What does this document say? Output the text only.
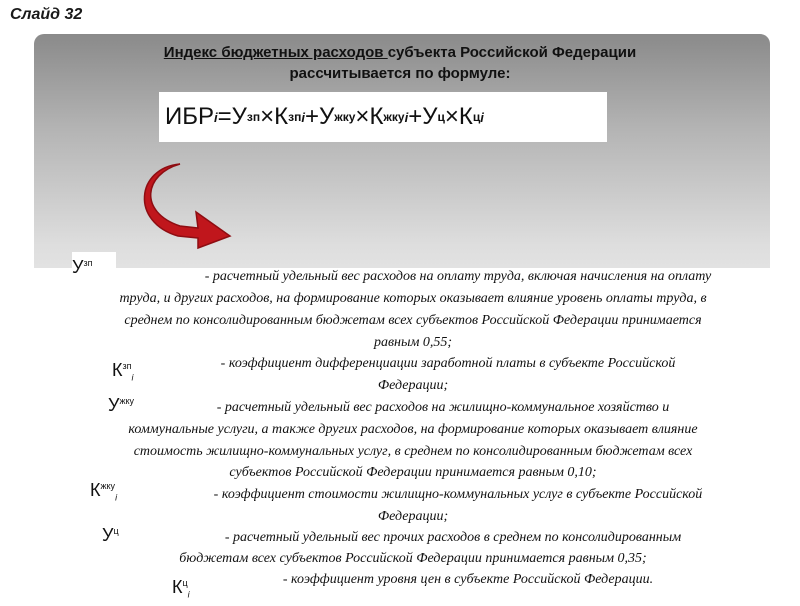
Слайд 32
Индекс бюджетных расходов субъекта Российской Федерации
рассчитывается по формуле:
ИБР i = У зп × К зп i + У жку × К жку i + У ц × К ц i
- расчетный удельный вес расходов на оплату труда, включая начисления на оплату
труда, и других расходов, на формирование которых оказывает влияние уровень оплаты труда, в
среднем по консолидированным бюджетам всех субъектов Российской Федерации принимается
равным 0,55;
- коэффициент дифференциации заработной платы в субъекте Российской
Федерации;
- расчетный удельный вес расходов на жилищно-коммунальное хозяйство и
коммунальные услуги, а также других расходов, на формирование которых оказывает влияние
стоимость жилищно-коммунальных услуг, в среднем по консолидированным бюджетам всех
субъектов Российской Федерации принимается равным 0,10;
- коэффициент стоимости жилищно-коммунальных услуг в субъекте Российской
Федерации;
- расчетный удельный вес прочих расходов в среднем по консолидированным
бюджетам всех субъектов Российской Федерации принимается равным 0,35;
- коэффициент уровня цен в субъекте Российской Федерации.
$У^{зп}$
$К^{зп}_i$
$У^{жку}$
$К^{жку}_i$
$У^ц$
$К^ц_i$
